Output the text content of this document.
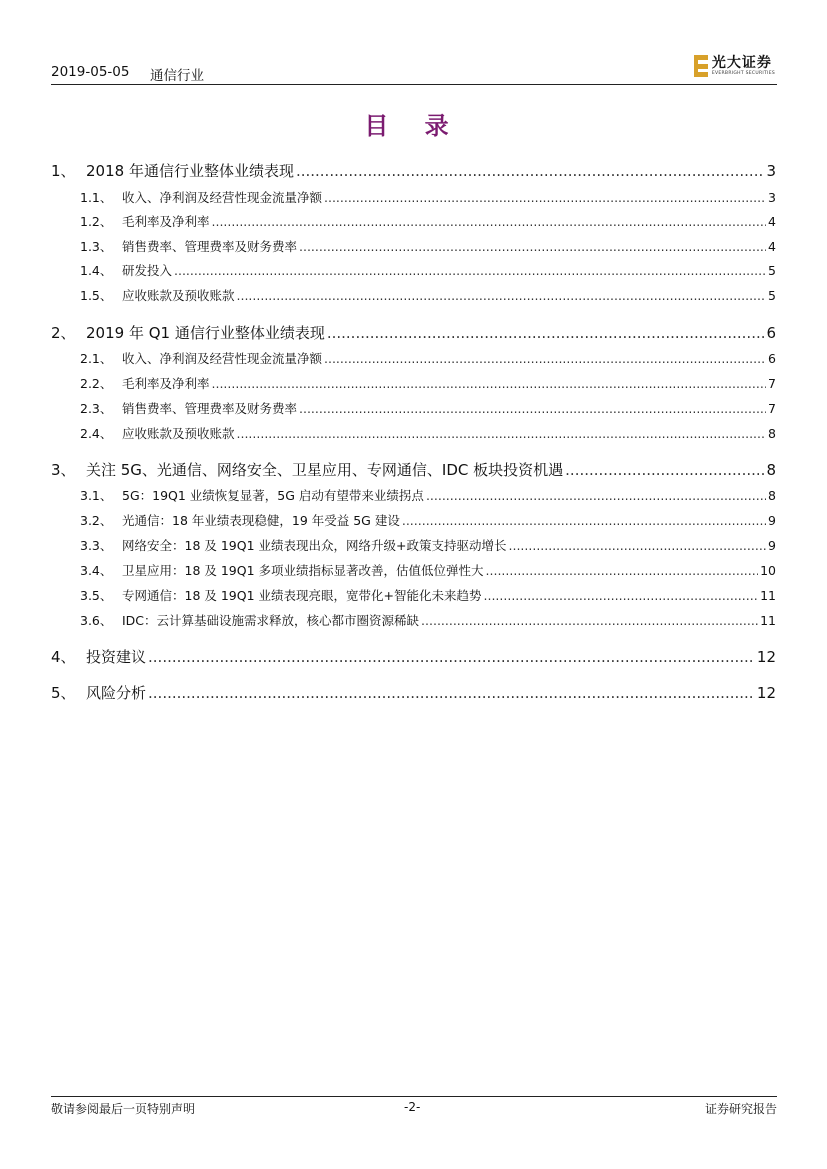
2019-05-05 通信行业
光大证券
EVERBRIGHT SECURITIES
目 录
1、 2018 年通信行业整体业绩表现 .....	3
1.1、 收入、净利润及经营性现金流量净额 .....	3
1.2、 毛利率及净利率 .....	4
1.3、 销售费率、管理费率及财务费率 .....	4
1.4、 研发投入 .....	5
1.5、 应收账款及预收账款 .....	5
2、 2019 年 Q1 通信行业整体业绩表现 .....	6
2.1、 收入、净利润及经营性现金流量净额 .....	6
2.2、 毛利率及净利率 .....	7
2.3、 销售费率、管理费率及财务费率 .....	7
2.4、 应收账款及预收账款 .....	8
3、 关注 5G、光通信、网络安全、卫星应用、专网通信、IDC 板块投资机遇 .....	8
3.1、 5G：19Q1 业绩恢复显著，5G 启动有望带来业绩拐点 .....	8
3.2、 光通信：18 年业绩表现稳健，19 年受益 5G 建设 .....	9
3.3、 网络安全：18 及 19Q1 业绩表现出众，网络升级+政策支持驱动增长 .....	9
3.4、 卫星应用：18 及 19Q1 多项业绩指标显著改善，估值低位弹性大 .....	10
3.5、 专网通信：18 及 19Q1 业绩表现亮眼，宽带化+智能化未来趋势 .....	11
3.6、 IDC：云计算基础设施需求释放，核心都市圈资源稀缺 .....	11
4、 投资建议 .....	12
5、 风险分析 .....	12
敬请参阅最后一页特别声明	-2-	证券研究报告
